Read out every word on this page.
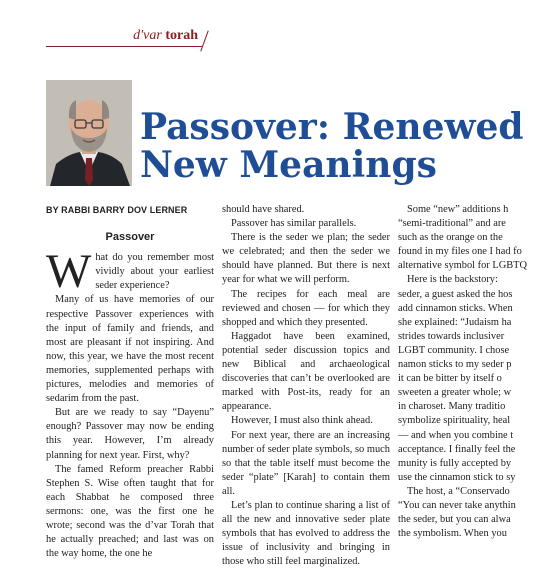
d'var torah
Passover: Renewed
New Meanings
BY RABBI BARRY DOV LERNER
Passover

What do you remember most vividly about your earliest seder experience?

Many of us have memories of our respective Passover experiences with the input of family and friends, and most are pleasant if not inspiring. And now, this year, we have the most recent memories, supplemented perhaps with pictures, melodies and memories of sedarim from the past.

But are we ready to say “Dayenu” enough? Passover may now be ending this year. However, I’m already planning for next year. First, why?

The famed Reform preacher Rabbi Stephen S. Wise often taught that for each Shabbat he composed three sermons: one, was the first one he wrote; second was the d’var Torah that he actually preached; and last was on the way home, the one he

should have shared.

Passover has similar parallels.

There is the seder we plan; the seder we celebrated; and then the seder we should have planned. But there is next year for what we will perform.

The recipes for each meal are reviewed and chosen — for which they shopped and which they presented.

Haggadot have been examined, potential seder discussion topics and new Biblical and archaeological discoveries that can’t be overlooked are marked with Post-its, ready for an appearance.

However, I must also think ahead.

For next year, there are an increasing number of seder plate symbols, so much so that the table itself must become the seder “plate” [Karah] to contain them all.

Let’s plan to continue sharing a list of all the new and innovative seder plate symbols that has evolved to address the issue of inclusivity and bringing in those who still feel marginalized.

Some “new” additions h
“semi-traditional” and are
such as the orange on the
found in my files one I had fo
alternative symbol for LGBTQ
Here is the backstory:
seder, a guest asked the hos
add cinnamon sticks. When
she explained: “Judaism ha
strides towards inclusiver
LGBT community. I chose
namon sticks to my seder p
it can be bitter by itself o
sweeten a greater whole; w
in charoset. Many traditio
symbolize spirituality, heal
— and when you combine t
acceptance. I finally feel the
munity is fully accepted by
use the cinnamon stick to sy
The host, a “Conservado
“You can never take anythin
the seder, but you can alwa
the symbolism. When you
